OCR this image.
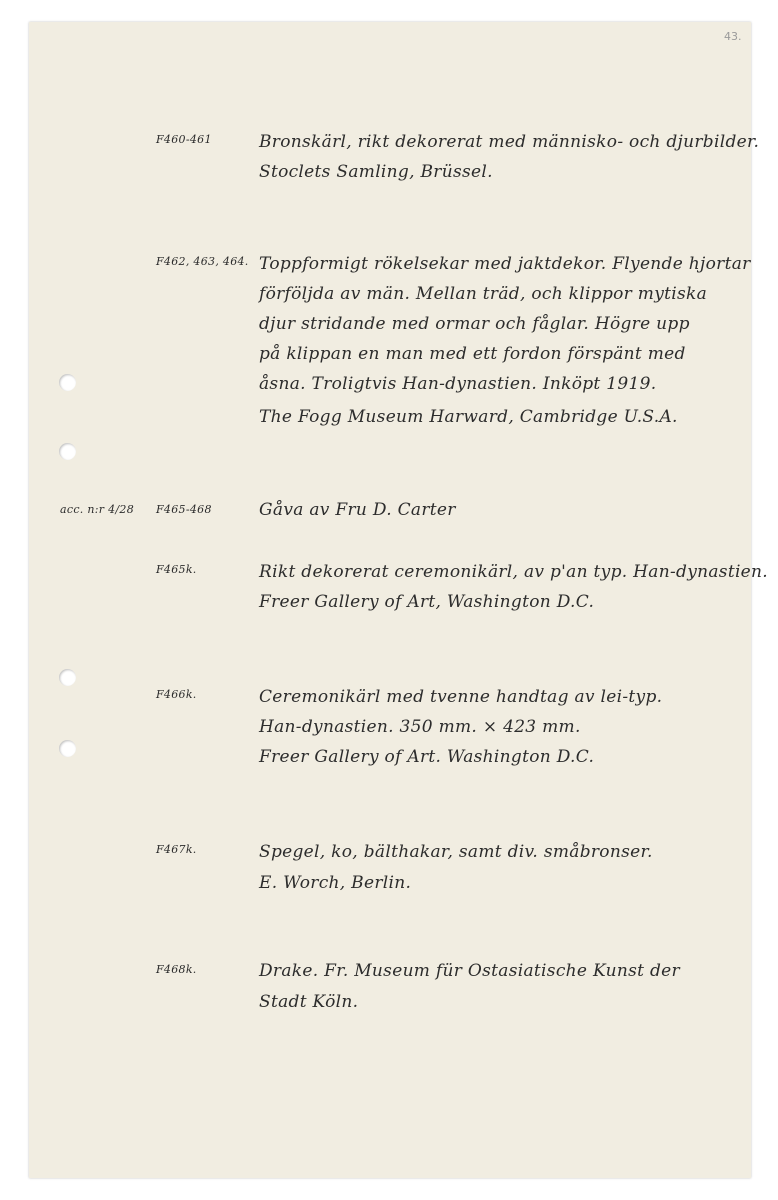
43.
F460-461	Bronskärl, rikt dekorerat med människo- och djurbilder.
Stoclets Samling, Brüssel.
F462, 463, 464. Toppformigt rökelsekar med jaktdekor. Flyende hjortar
förföljda av män. Mellan träd, och klippor mytiska
djur stridande med ormar och fåglar. Högre upp
på klippan en man med ett fordon förspänt med
åsna. Troligtvis Han-dynastien. Inköpt 1919.
The Fogg Museum Harward, Cambridge U.S.A.
acc. n:r 4/28 F465-468	Gåva av Fru D. Carter
F465k.	Rikt dekorerat ceremonikärl, av p'an typ. Han-dynastien.
Freer Gallery of Art, Washington D.C.
F466k.	Ceremonikärl med tvenne handtag av lei-typ.
Han-dynastien. 350 mm. × 423 mm.
Freer Gallery of Art. Washington D.C.
F467k.	Spegel, ko, bälthakar, samt div. småbronser.
E. Worch, Berlin.
F468k.	Drake. Fr. Museum für Ostasiatische Kunst der
Stadt Köln.
